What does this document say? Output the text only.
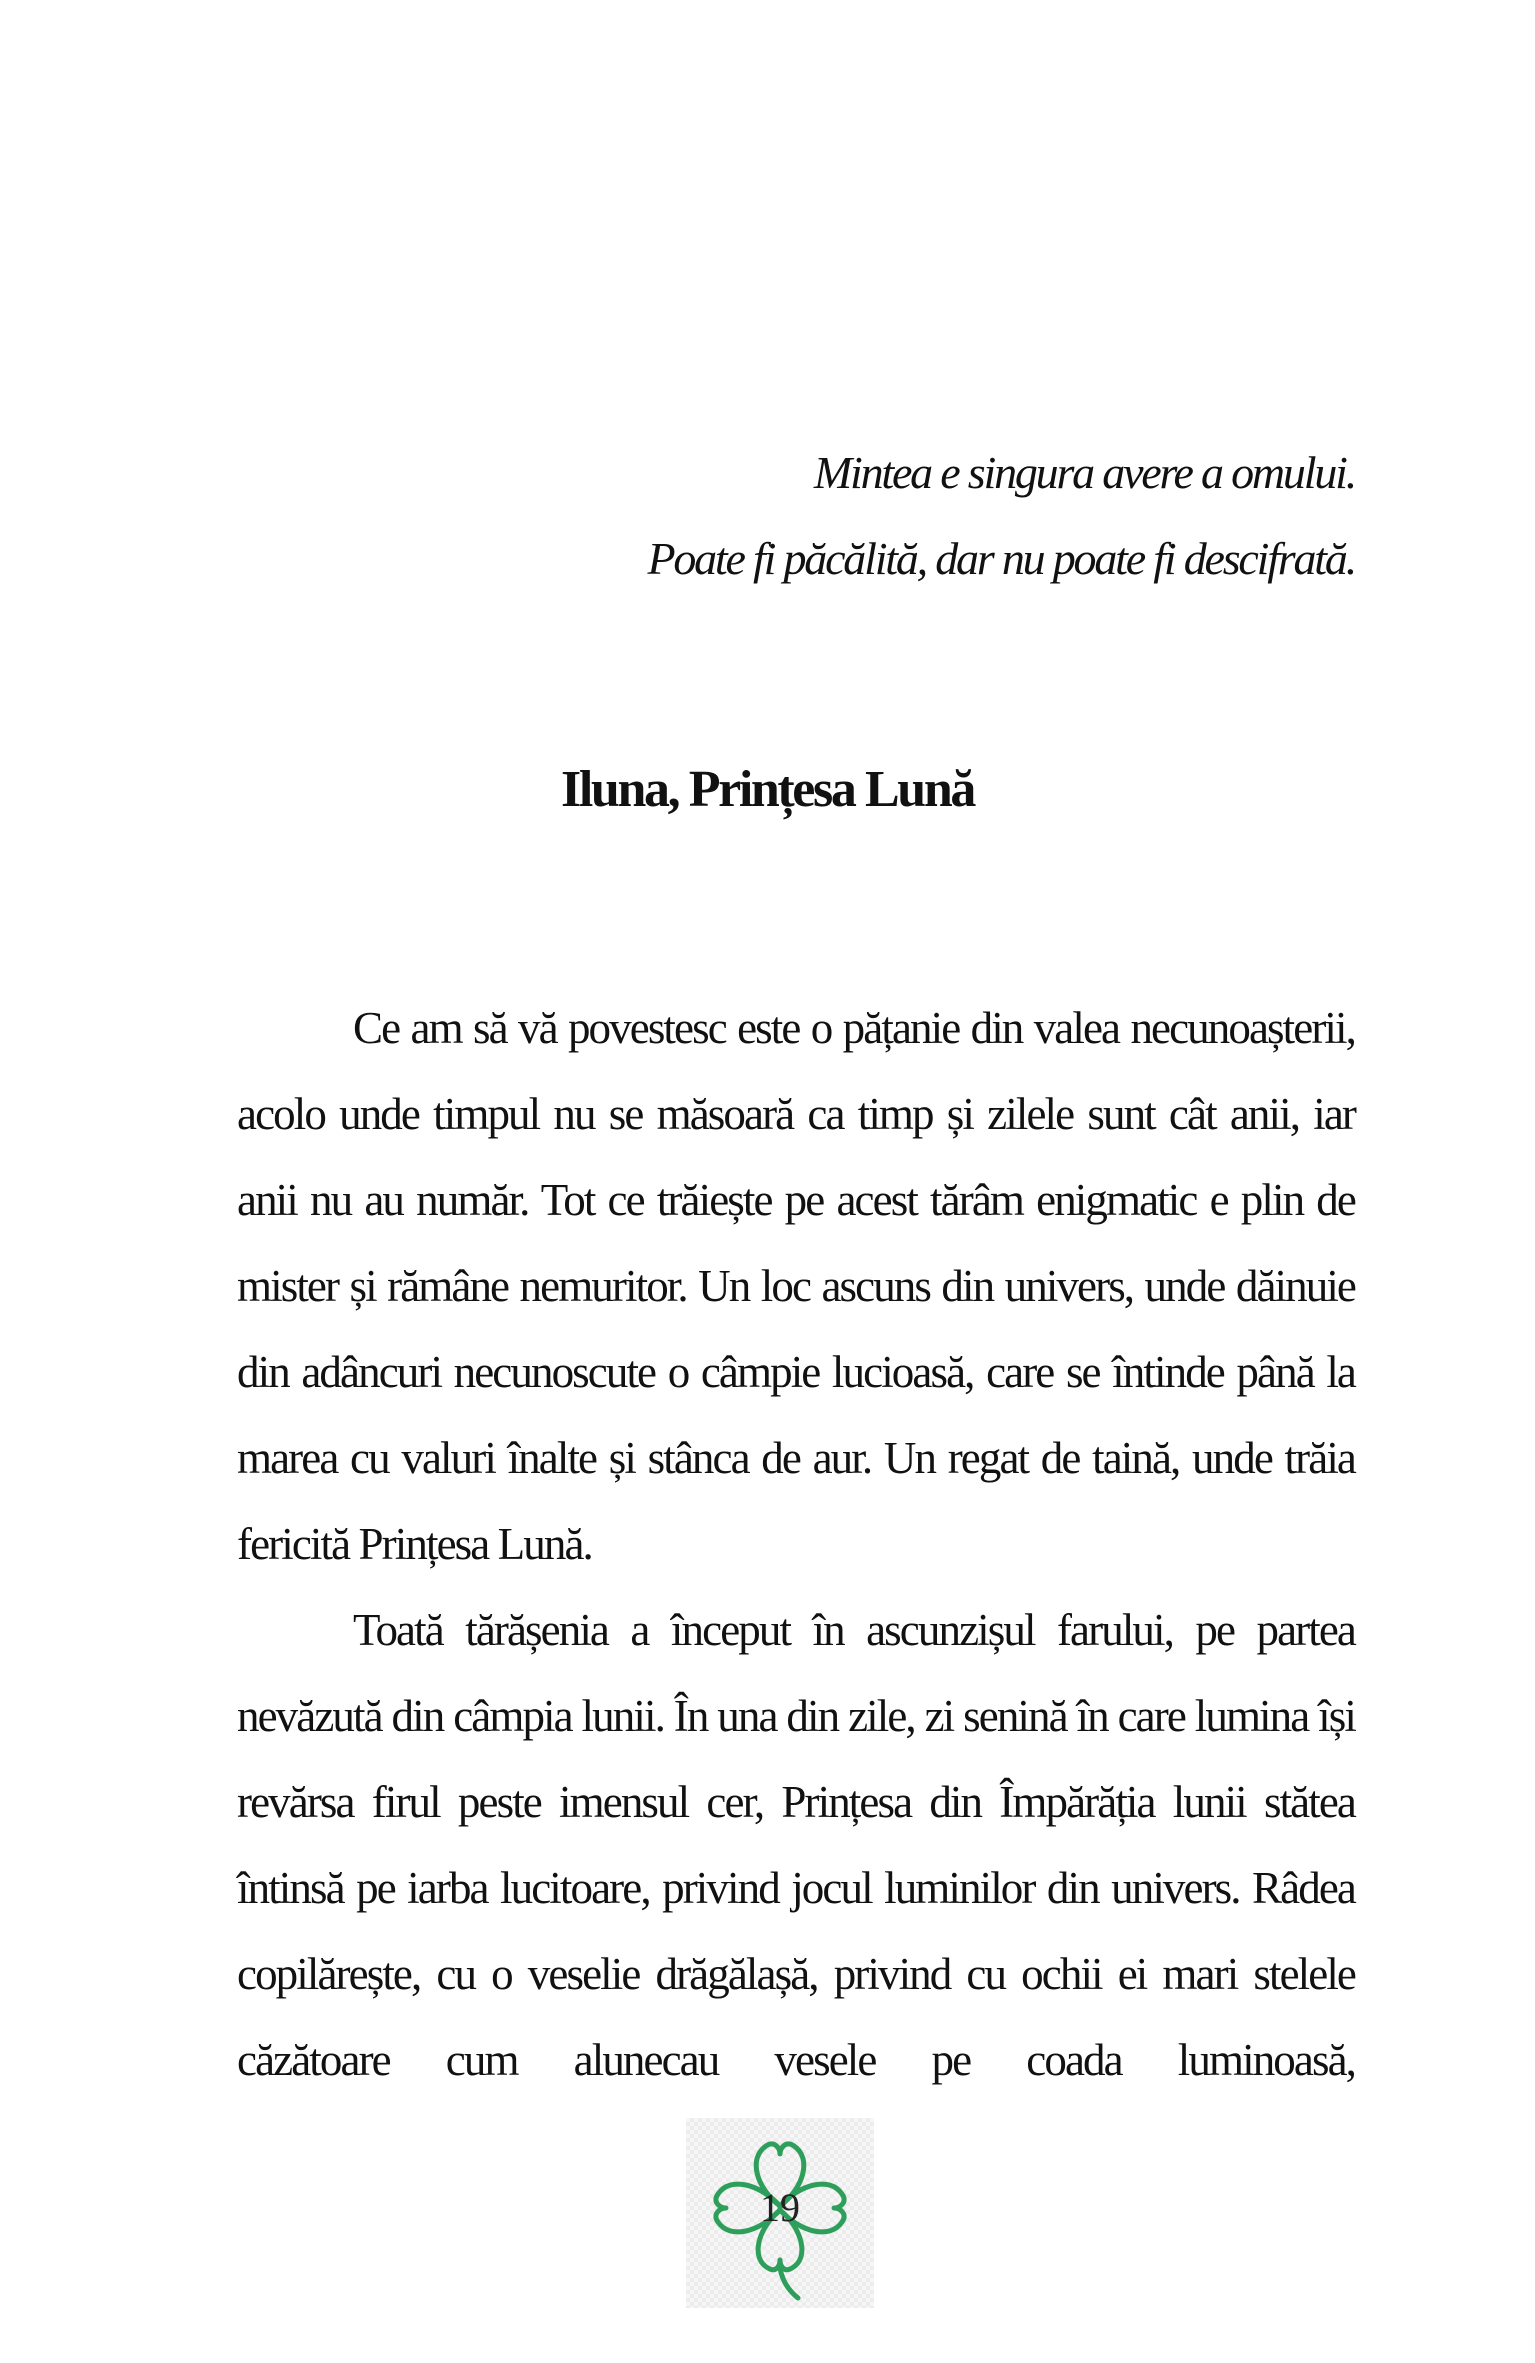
Mintea e singura avere a omului.
Poate fi păcălită, dar nu poate fi descifrată.
Iluna, Prințesa Lună

Ce am să vă povestesc este o pățanie din valea necunoașterii, acolo unde timpul nu se măsoară ca timp și zilele sunt cât anii, iar anii nu au număr. Tot ce trăiește pe acest tărâm enigmatic e plin de mister și rămâne nemuritor. Un loc ascuns din univers, unde dăinuie din adâncuri necunoscute o câmpie lucioasă, care se întinde până la marea cu valuri înalte și stânca de aur. Un regat de taină, unde trăia fericită Prințesa Lună.

Toată tărășenia a început în ascunzișul farului, pe partea nevăzută din câmpia lunii. În una din zile, zi senină în care lumina își revărsa firul peste imensul cer, Prințesa din Împărăția lunii stătea întinsă pe iarba lucitoare, privind jocul luminilor din univers. Râdea copilărește, cu o veselie drăgălașă, privind cu ochii ei mari stelele căzătoare cum alunecau vesele pe coada luminoasă,

19
